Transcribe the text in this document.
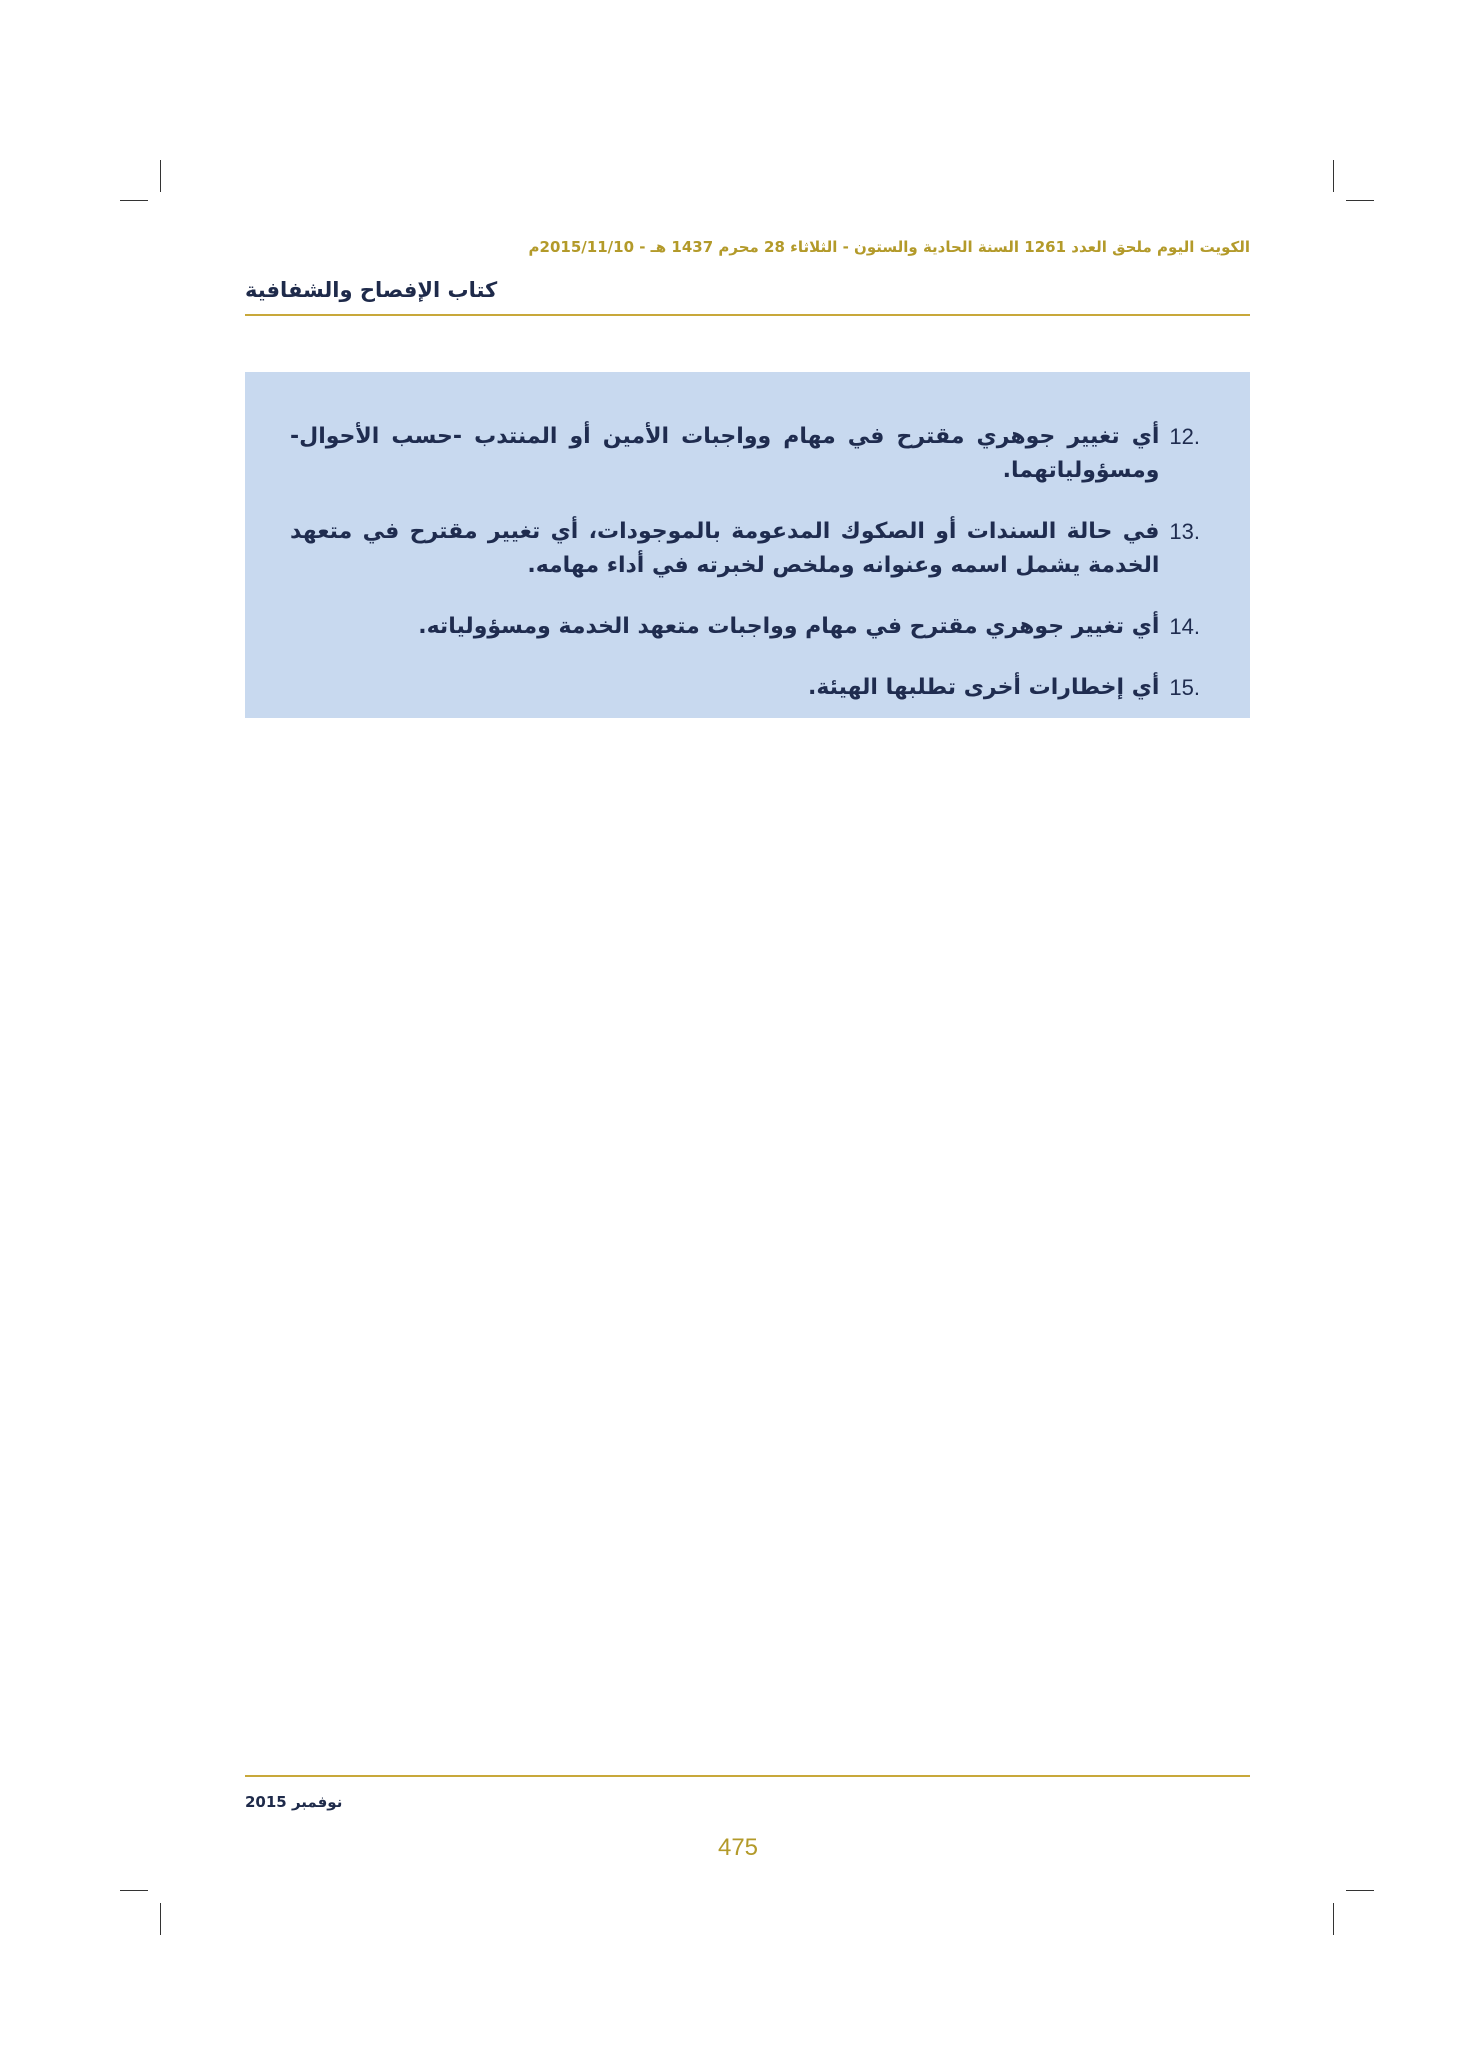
الكويت اليوم ملحق العدد 1261 السنة الحادية والستون - الثلاثاء 28 محرم 1437 هـ - 2015/11/10م
كتاب الإفصاح والشفافية
12.
أي تغيير جوهري مقترح في مهام وواجبات الأمين أو المنتدب -حسب الأحوال- ومسؤولياتهما.
13.
في حالة السندات أو الصكوك المدعومة بالموجودات، أي تغيير مقترح في متعهد الخدمة يشمل اسمه وعنوانه وملخص لخبرته في أداء مهامه.
14.
أي تغيير جوهري مقترح في مهام وواجبات متعهد الخدمة ومسؤولياته.
15.
أي إخطارات أخرى تطلبها الهيئة.
نوفمبر 2015
475
